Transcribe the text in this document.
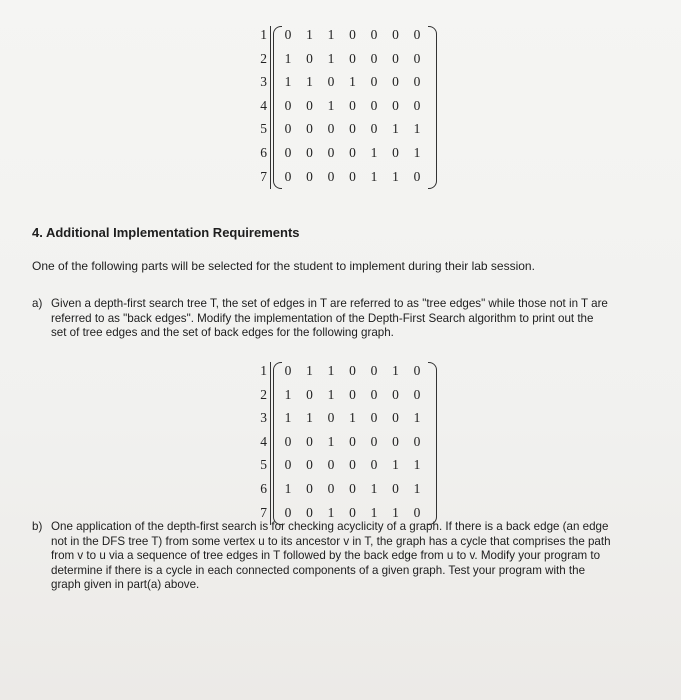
1 0 1 1 0 0 0 0
2 1 0 1 0 0 0 0
3 1 1 0 1 0 0 0
4 0 0 1 0 0 0 0
5 0 0 0 0 0 1 1
6 0 0 0 0 1 0 1
7 0 0 0 0 1 1 0
4. Additional Implementation Requirements
One of the following parts will be selected for the student to implement during their lab session.
a) Given a depth-first search tree T, the set of edges in T are referred to as "tree edges" while those not in T are
referred to as "back edges". Modify the implementation of the Depth-First Search algorithm to print out the
set of tree edges and the set of back edges for the following graph.
1 0 1 1 0 0 1 0
2 1 0 1 0 0 0 0
3 1 1 0 1 0 0 1
4 0 0 1 0 0 0 0
5 0 0 0 0 0 1 1
6 1 0 0 0 1 0 1
7 0 0 1 0 1 1 0
b) One application of the depth-first search is for checking acyclicity of a graph. If there is a back edge (an edge
not in the DFS tree T) from some vertex u to its ancestor v in T, the graph has a cycle that comprises the path
from v to u via a sequence of tree edges in T followed by the back edge from u to v. Modify your program to
determine if there is a cycle in each connected components of a given graph. Test your program with the
graph given in part(a) above.
